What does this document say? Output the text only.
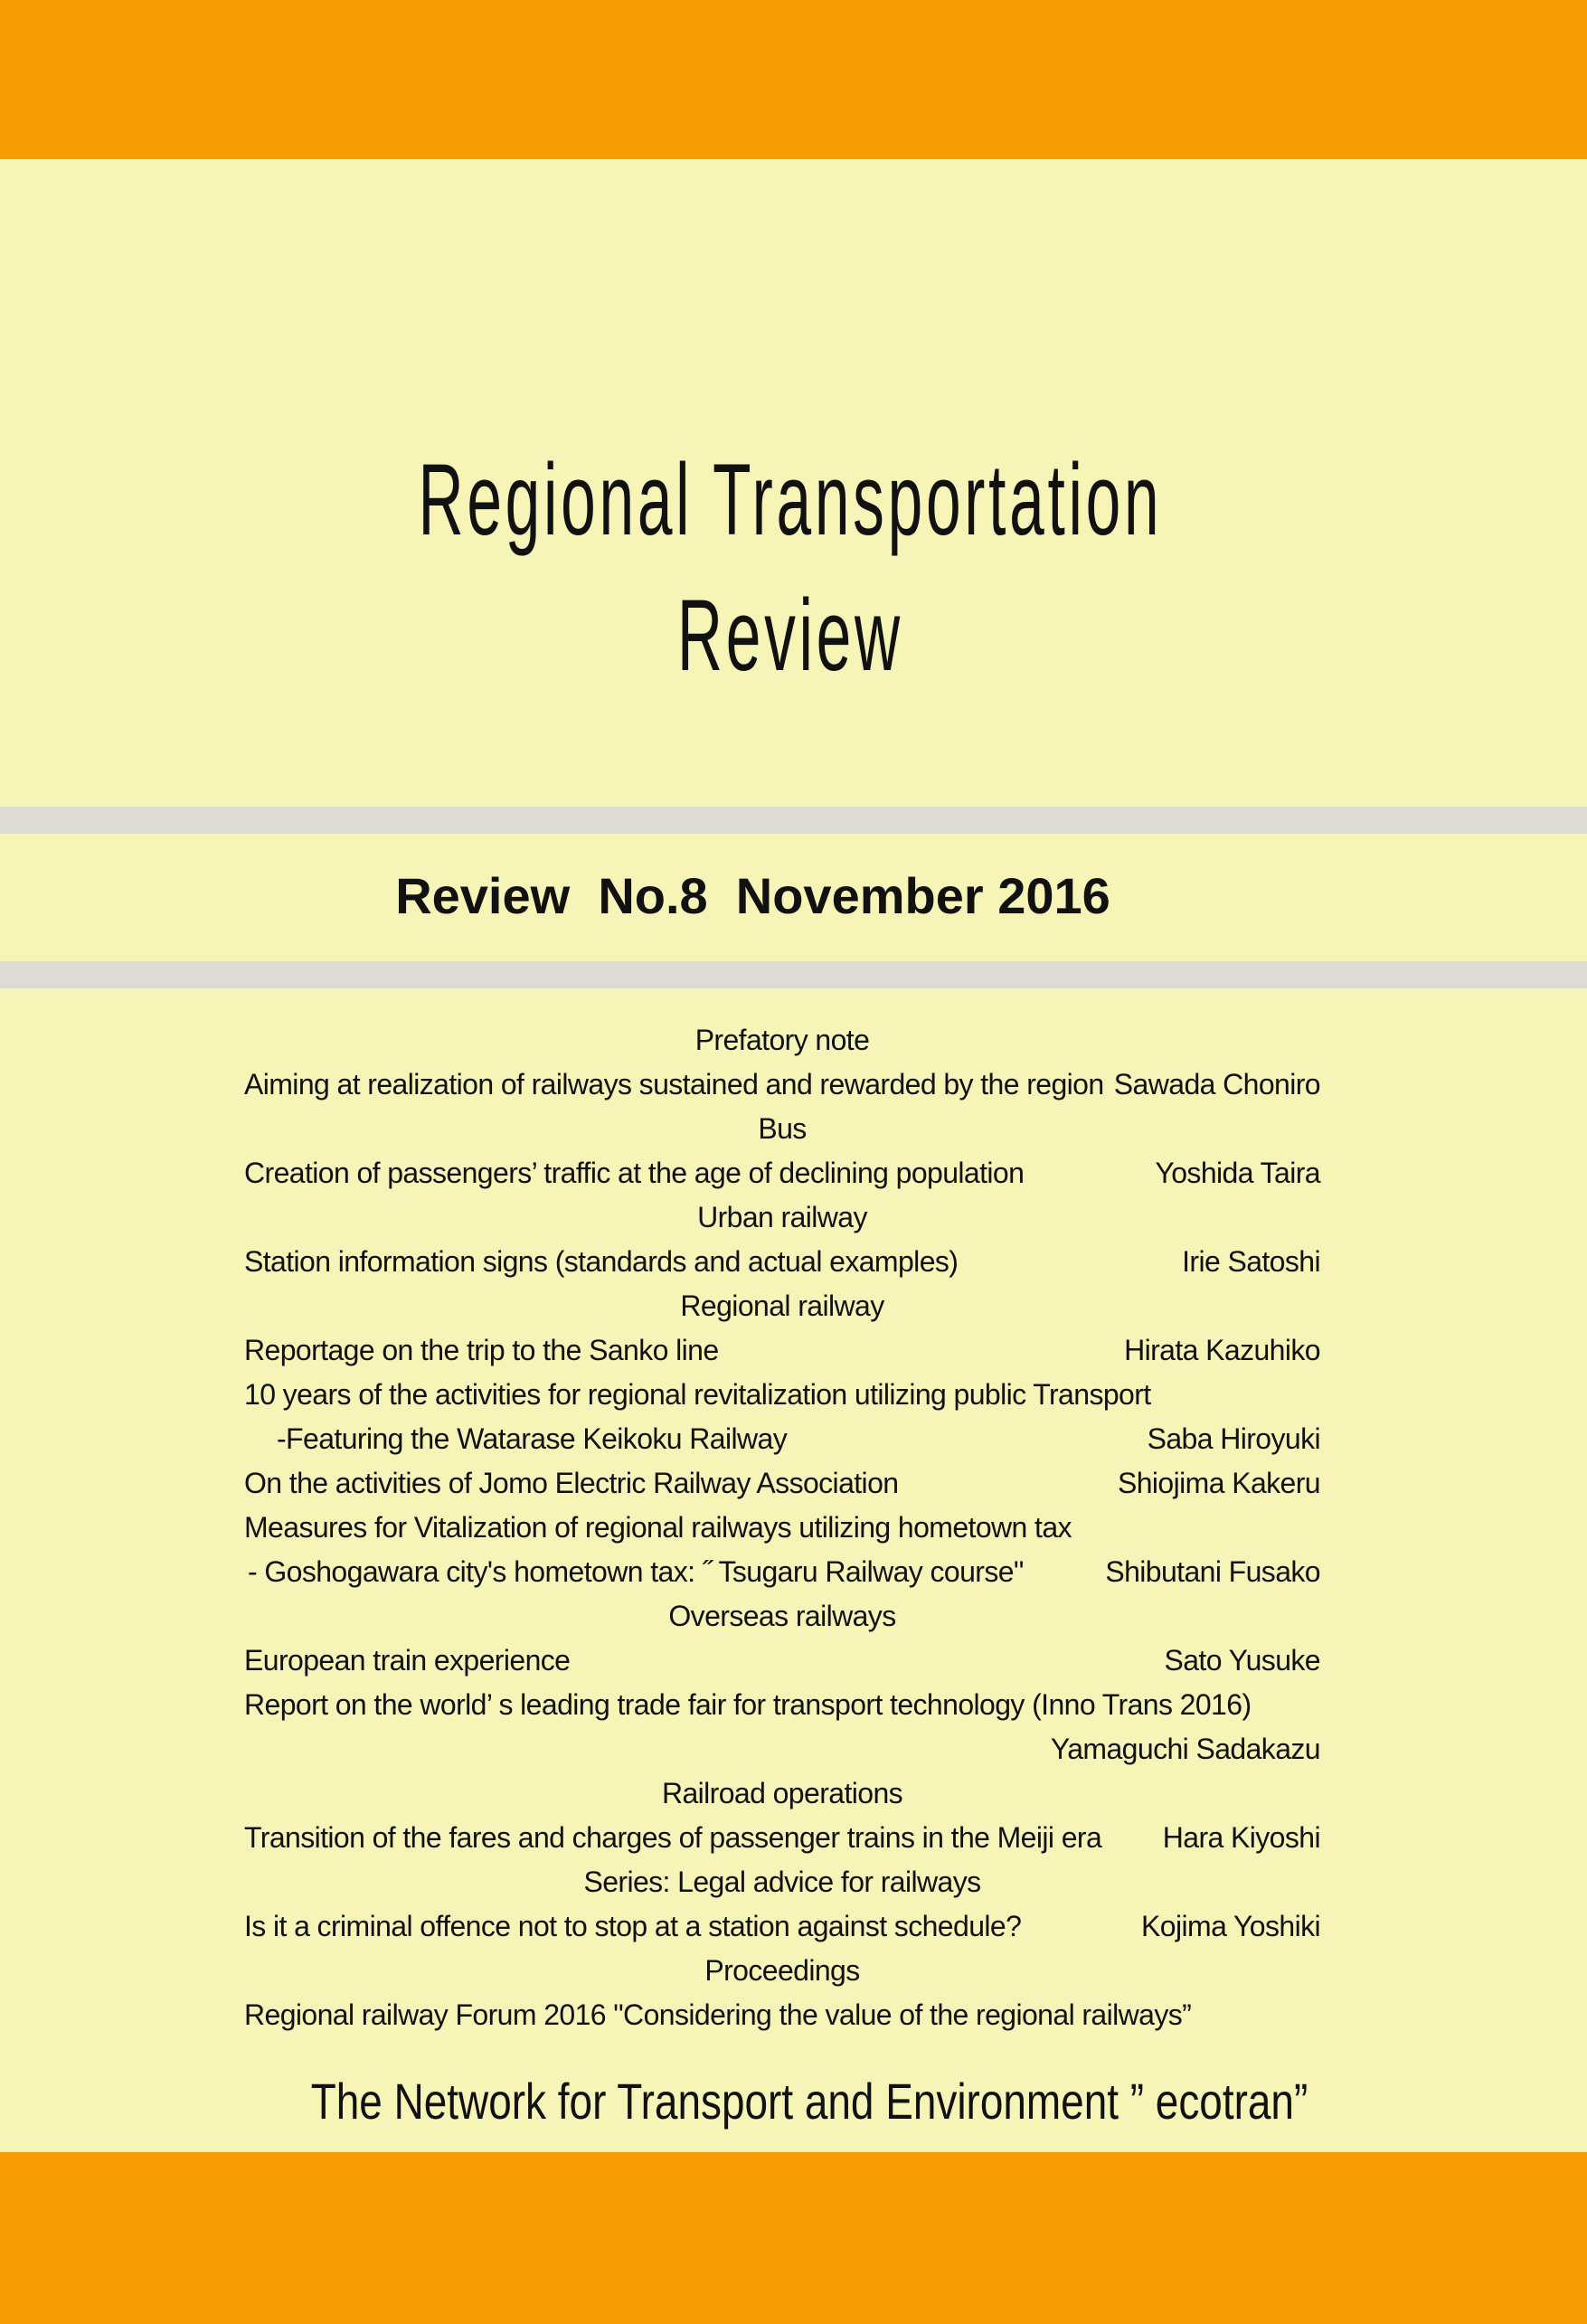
Regional Transportation Review
Review  No.8  November 2016
Prefatory note
Aiming at realization of railways sustained and rewarded by the region Sawada Choniro
Bus
Creation of passengers’ traffic at the age of declining population	Yoshida Taira
Urban railway
Station information signs (standards and actual examples)	Irie Satoshi
Regional railway
Reportage on the trip to the Sanko line	Hirata Kazuhiko
10 years of the activities for regional revitalization utilizing public Transport
-Featuring the Watarase Keikoku Railway	Saba Hiroyuki
On the activities of Jomo Electric Railway Association	Shiojima Kakeru
Measures for Vitalization of regional railways utilizing hometown tax
- Goshogawara city's hometown tax: ˝ Tsugaru Railway course"	Shibutani Fusako
Overseas railways
European train experience	Sato Yusuke
Report on the world’ s leading trade fair for transport technology (Inno Trans 2016)
Yamaguchi Sadakazu
Railroad operations
Transition of the fares and charges of passenger trains in the Meiji era Hara Kiyoshi
Series: Legal advice for railways
Is it a criminal offence not to stop at a station against schedule?	Kojima Yoshiki
Proceedings
Regional railway Forum 2016 "Considering the value of the regional railways”
The Network for Transport and Environment ” ecotran”
